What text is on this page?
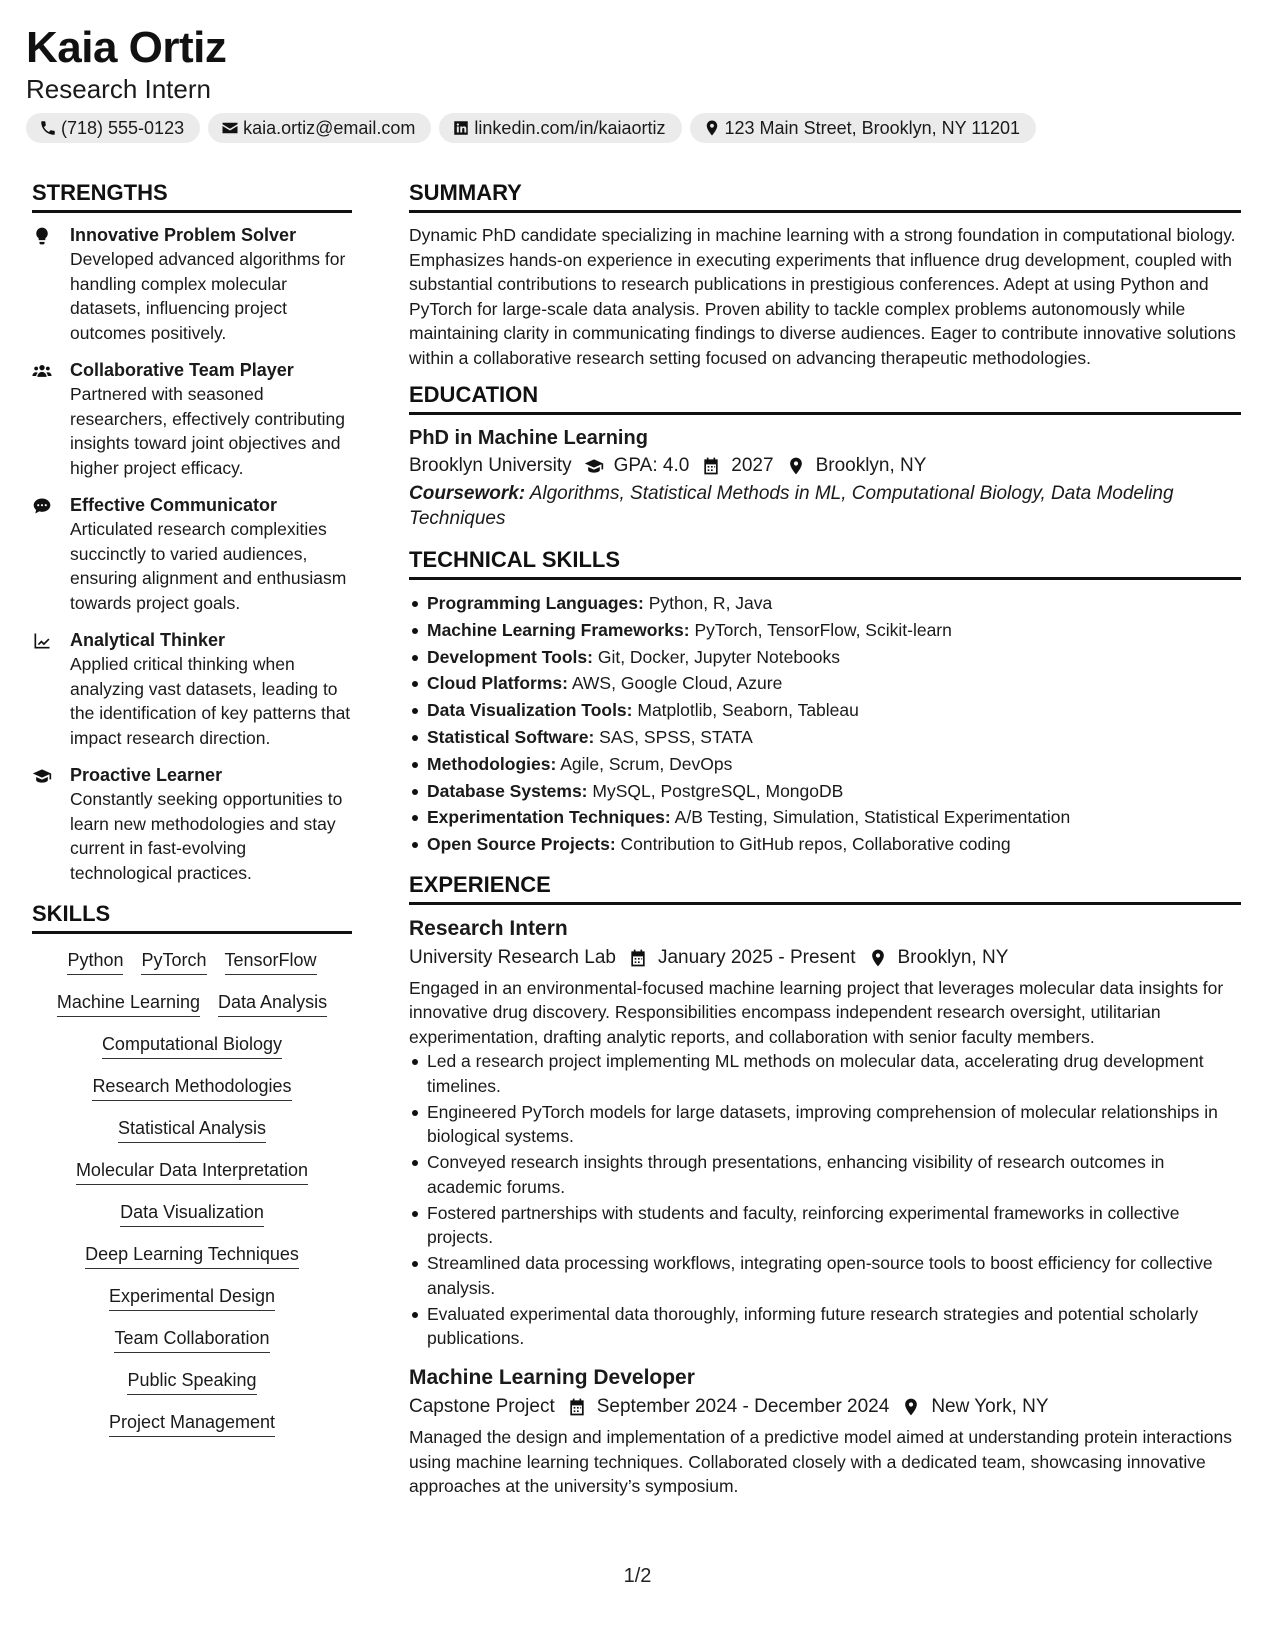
Kaia Ortiz
Research Intern
(718) 555-0123	kaia.ortiz@email.com	linkedin.com/in/kaiaortiz	123 Main Street, Brooklyn, NY 11201
STRENGTHS
Innovative Problem Solver
Developed advanced algorithms for handling complex molecular datasets, influencing project outcomes positively.
Collaborative Team Player
Partnered with seasoned researchers, effectively contributing insights toward joint objectives and higher project efficacy.
Effective Communicator
Articulated research complexities succinctly to varied audiences, ensuring alignment and enthusiasm towards project goals.
Analytical Thinker
Applied critical thinking when analyzing vast datasets, leading to the identification of key patterns that impact research direction.
Proactive Learner
Constantly seeking opportunities to learn new methodologies and stay current in fast-evolving technological practices.
SKILLS
Python PyTorch TensorFlow
Machine Learning Data Analysis
Computational Biology
Research Methodologies
Statistical Analysis
Molecular Data Interpretation
Data Visualization
Deep Learning Techniques
Experimental Design
Team Collaboration
Public Speaking
Project Management
SUMMARY

Dynamic PhD candidate specializing in machine learning with a strong foundation in computational biology. Emphasizes hands-on experience in executing experiments that influence drug development, coupled with substantial contributions to research publications in prestigious conferences. Adept at using Python and PyTorch for large-scale data analysis. Proven ability to tackle complex problems autonomously while maintaining clarity in communicating findings to diverse audiences. Eager to contribute innovative solutions within a collaborative research setting focused on advancing therapeutic methodologies.

EDUCATION
PhD in Machine Learning
Brooklyn University GPA: 4.0 2027 Brooklyn, NY
Coursework: Algorithms, Statistical Methods in ML, Computational Biology, Data Modeling Techniques
TECHNICAL SKILLS
Programming Languages: Python, R, Java
Machine Learning Frameworks: PyTorch, TensorFlow, Scikit-learn
Development Tools: Git, Docker, Jupyter Notebooks
Cloud Platforms: AWS, Google Cloud, Azure
Data Visualization Tools: Matplotlib, Seaborn, Tableau
Statistical Software: SAS, SPSS, STATA
Methodologies: Agile, Scrum, DevOps
Database Systems: MySQL, PostgreSQL, MongoDB
Experimentation Techniques: A/B Testing, Simulation, Statistical Experimentation
Open Source Projects: Contribution to GitHub repos, Collaborative coding
EXPERIENCE
Research Intern
University Research Lab January 2025 - Present Brooklyn, NY

Engaged in an environmental-focused machine learning project that leverages molecular data insights for innovative drug discovery. Responsibilities encompass independent research oversight, utilitarian experimentation, drafting analytic reports, and collaboration with senior faculty members.

Led a research project implementing ML methods on molecular data, accelerating drug development timelines.
Engineered PyTorch models for large datasets, improving comprehension of molecular relationships in biological systems.
Conveyed research insights through presentations, enhancing visibility of research outcomes in academic forums.
Fostered partnerships with students and faculty, reinforcing experimental frameworks in collective projects.
Streamlined data processing workflows, integrating open-source tools to boost efficiency for collective analysis.
Evaluated experimental data thoroughly, informing future research strategies and potential scholarly publications.
Machine Learning Developer
Capstone Project September 2024 - December 2024 New York, NY

Managed the design and implementation of a predictive model aimed at understanding protein interactions using machine learning techniques. Collaborated closely with a dedicated team, showcasing innovative approaches at the university’s symposium.

1/2
